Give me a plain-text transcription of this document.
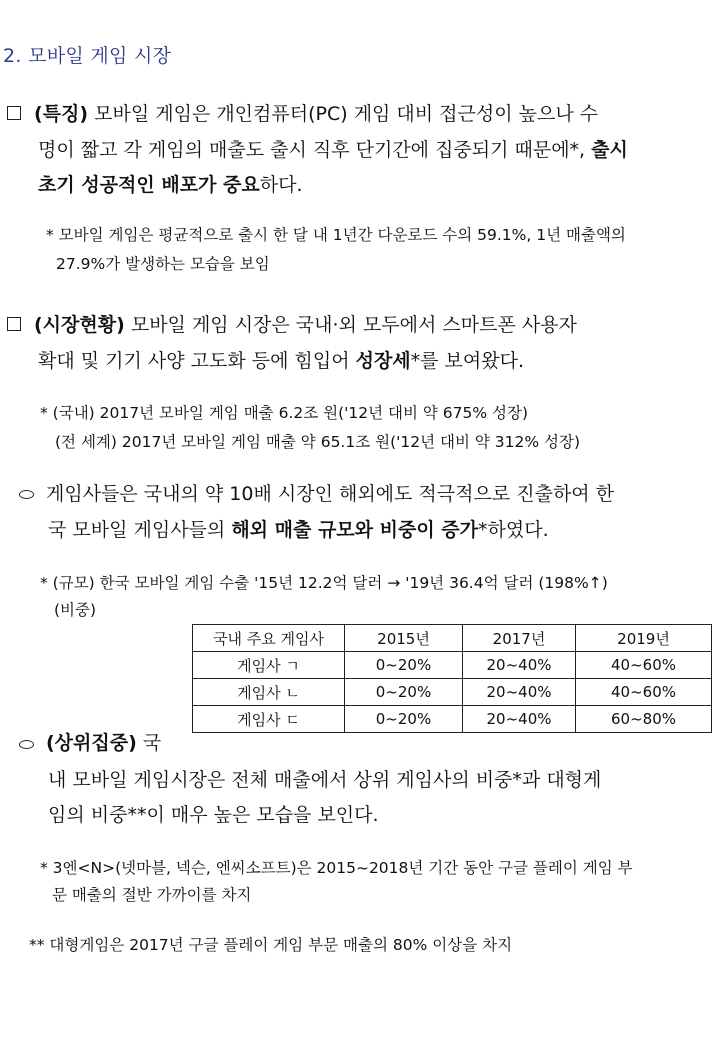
2. 모바일 게임 시장
(특징) 모바일 게임은 개인컴퓨터(PC) 게임 대비 접근성이 높으나 수
명이 짧고 각 게임의 매출도 출시 직후 단기간에 집중되기 때문에*, 출시
초기 성공적인 배포가 중요하다.
* 모바일 게임은 평균적으로 출시 한 달 내 1년간 다운로드 수의 59.1%, 1년 매출액의
27.9%가 발생하는 모습을 보임
(시장현황) 모바일 게임 시장은 국내·외 모두에서 스마트폰 사용자
확대 및 기기 사양 고도화 등에 힘입어 성장세*를 보여왔다.
* (국내) 2017년 모바일 게임 매출 6.2조 원('12년 대비 약 675% 성장)
(전 세계) 2017년 모바일 게임 매출 약 65.1조 원('12년 대비 약 312% 성장)
게임사들은 국내의 약 10배 시장인 해외에도 적극적으로 진출하여 한
국 모바일 게임사들의 해외 매출 규모와 비중이 증가*하였다.
* (규모) 한국 모바일 게임 수출 '15년 12.2억 달러 → '19년 36.4억 달러 (198%↑)
(비중)
국내 주요 게임사	2015년	2017년	2019년
게임사 ㄱ	0~20%	20~40%	40~60%
게임사 ㄴ	0~20%	20~40%	40~60%
게임사 ㄷ	0~20%	20~40%	60~80%
(상위집중) 국
내 모바일 게임시장은 전체 매출에서 상위 게임사의 비중*과 대형게
임의 비중**이 매우 높은 모습을 보인다.
* 3엔<N>(넷마블, 넥슨, 엔씨소프트)은 2015~2018년 기간 동안 구글 플레이 게임 부
문 매출의 절반 가까이를 차지
** 대형게임은 2017년 구글 플레이 게임 부문 매출의 80% 이상을 차지
